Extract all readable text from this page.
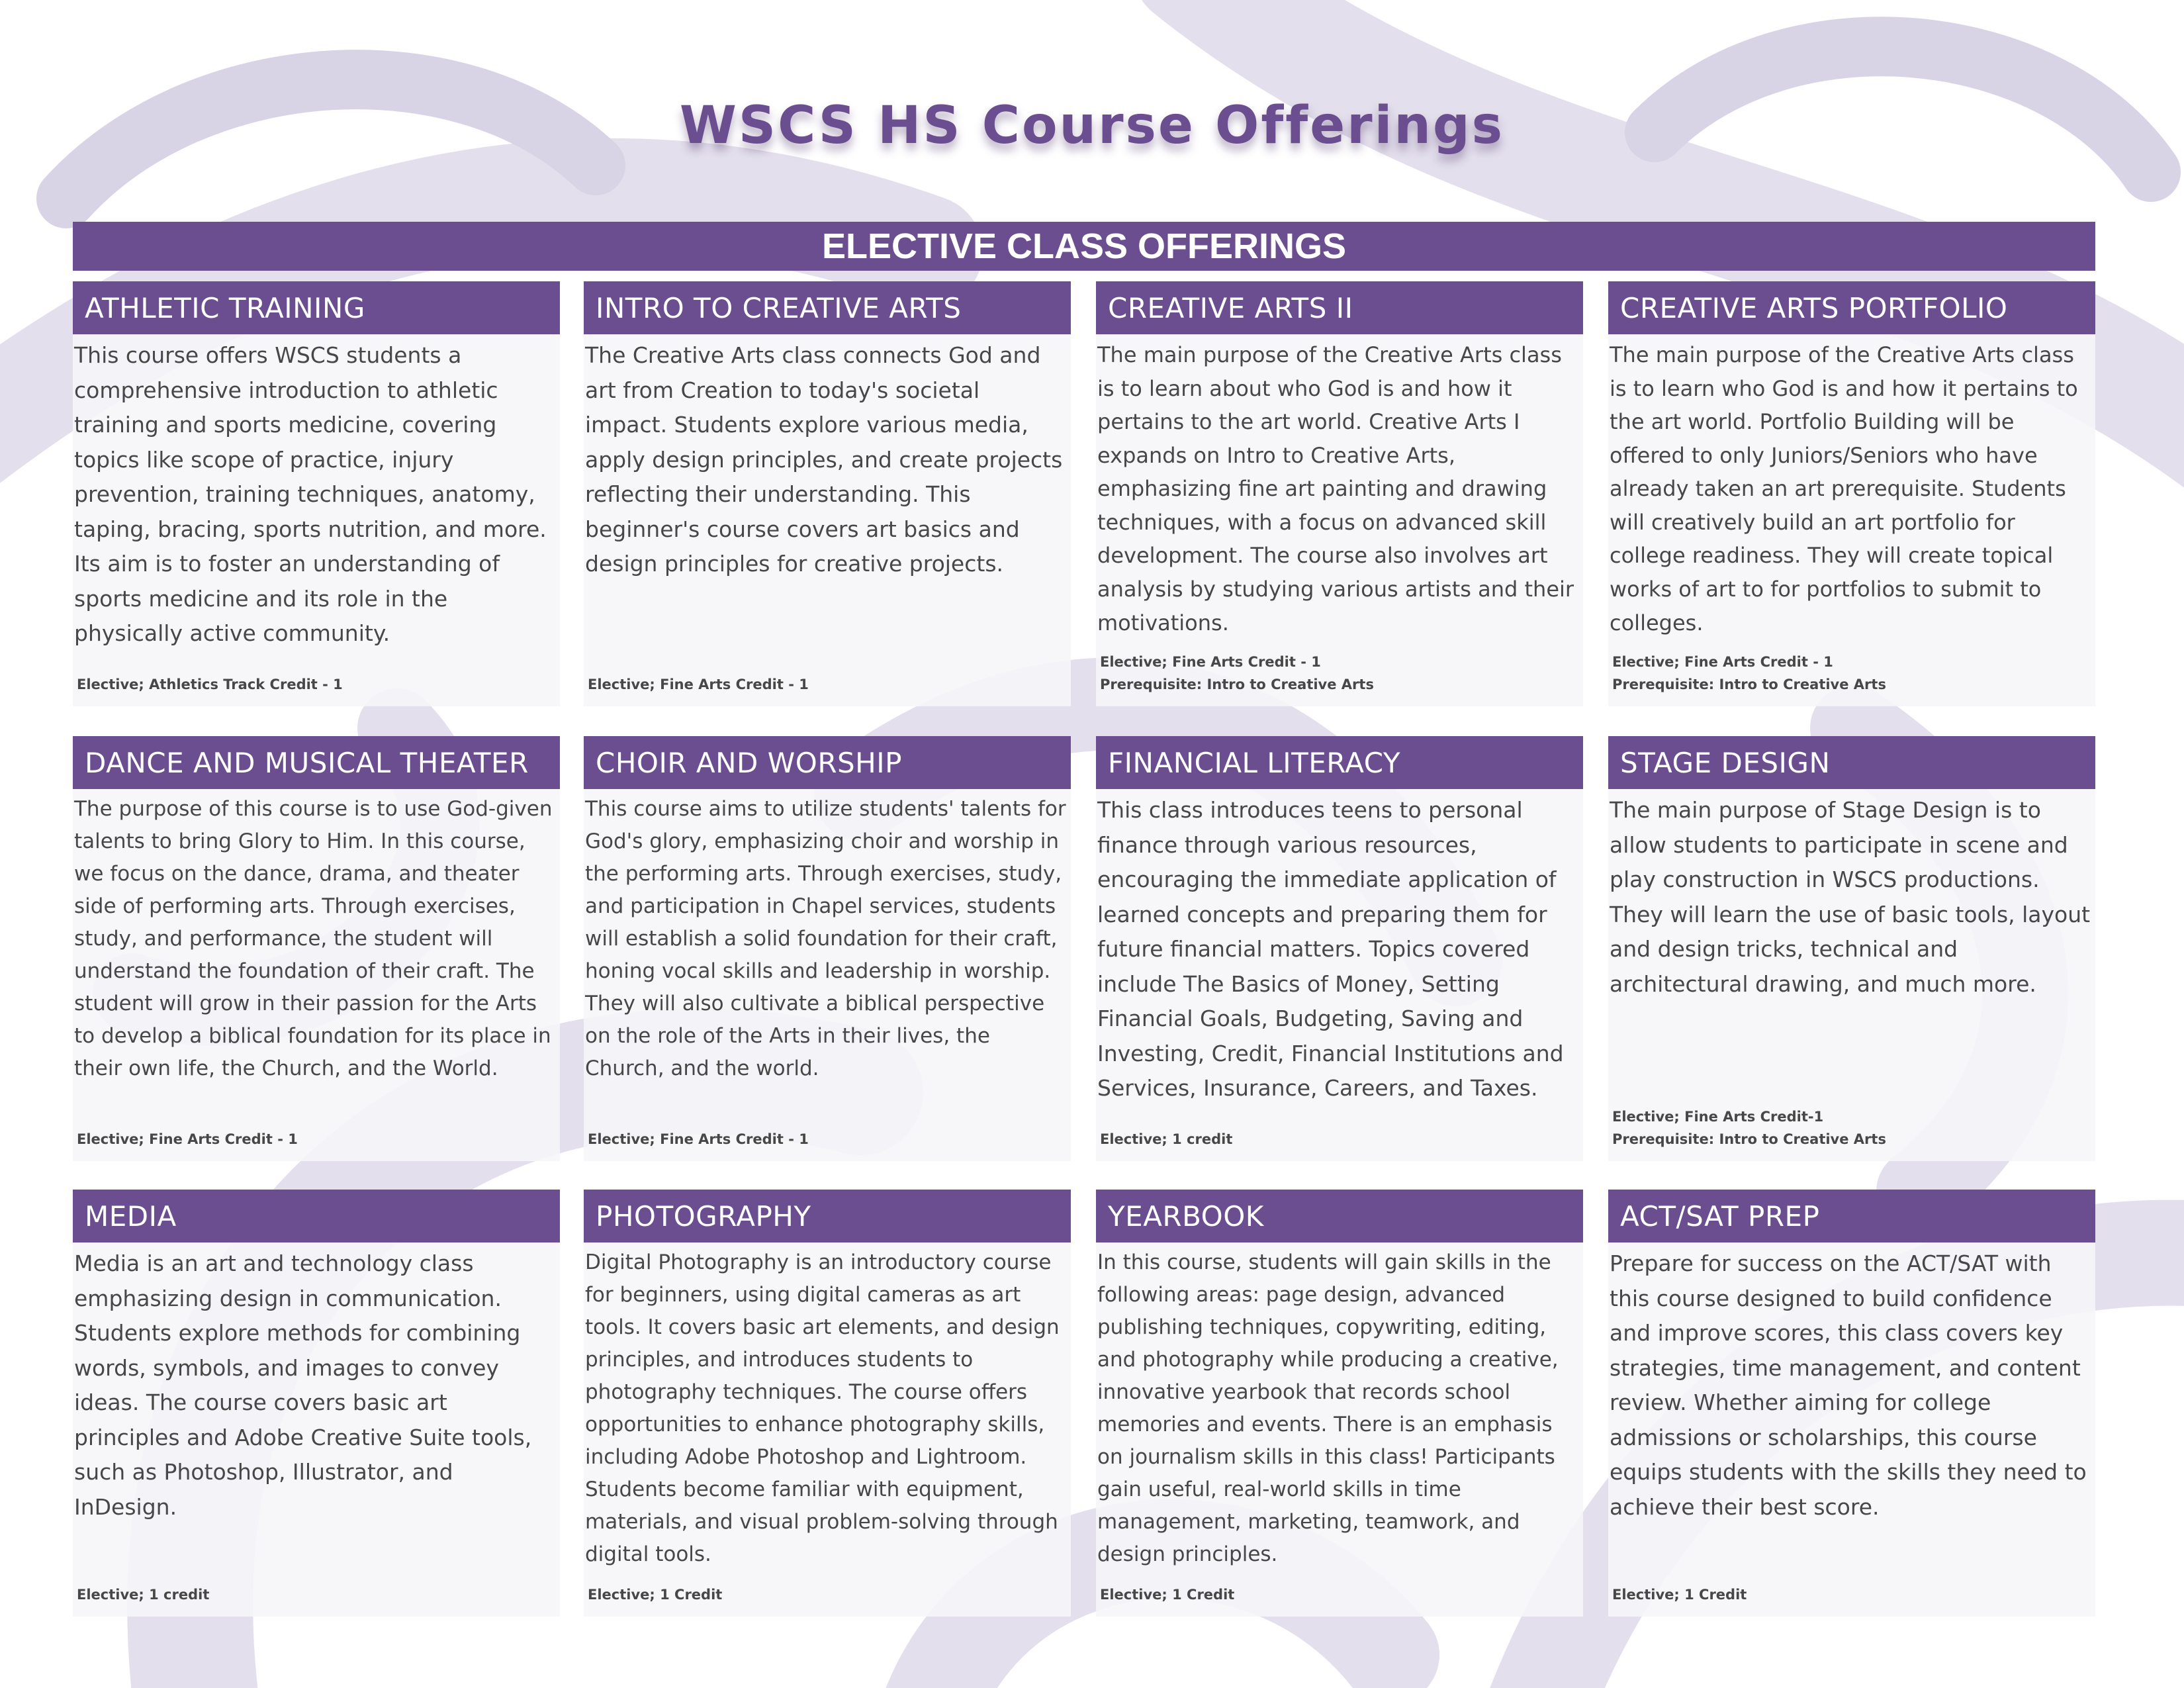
WSCS HS Course Offerings
ELECTIVE CLASS OFFERINGS
ATHLETIC TRAINING
This course offers WSCS students a comprehensive introduction to athletic training and sports medicine, covering topics like scope of practice, injury prevention, training techniques, anatomy, taping, bracing, sports nutrition, and more. Its aim is to foster an understanding of sports medicine and its role in the physically active community.
Elective; Athletics Track Credit - 1
INTRO TO CREATIVE ARTS
The Creative Arts class connects God and art from Creation to today's societal impact. Students explore various media, apply design principles, and create projects reflecting their understanding. This beginner's course covers art basics and design principles for creative projects.
Elective; Fine Arts Credit - 1
CREATIVE ARTS II
The main purpose of the Creative Arts class is to learn about who God is and how it pertains to the art world. Creative Arts I expands on Intro to Creative Arts, emphasizing fine art painting and drawing techniques, with a focus on advanced skill development. The course also involves art analysis by studying various artists and their motivations.
Elective; Fine Arts Credit - 1
Prerequisite: Intro to Creative Arts
CREATIVE ARTS PORTFOLIO
The main purpose of the Creative Arts class is to learn who God is and how it pertains to the art world. Portfolio Building will be offered to only Juniors/Seniors who have already taken an art prerequisite. Students will creatively build an art portfolio for college readiness. They will create topical works of art to for portfolios to submit to colleges.
Elective; Fine Arts Credit - 1
Prerequisite: Intro to Creative Arts
DANCE AND MUSICAL THEATER
The purpose of this course is to use God-given talents to bring Glory to Him. In this course, we focus on the dance, drama, and theater side of performing arts. Through exercises, study, and performance, the student will understand the foundation of their craft. The student will grow in their passion for the Arts to develop a biblical foundation for its place in their own life, the Church, and the World.
Elective; Fine Arts Credit - 1
CHOIR AND WORSHIP
This course aims to utilize students' talents for God's glory, emphasizing choir and worship in the performing arts. Through exercises, study, and participation in Chapel services, students will establish a solid foundation for their craft, honing vocal skills and leadership in worship. They will also cultivate a biblical perspective on the role of the Arts in their lives, the Church, and the world.
Elective; Fine Arts Credit - 1
FINANCIAL LITERACY
This class introduces teens to personal finance through various resources, encouraging the immediate application of learned concepts and preparing them for future financial matters. Topics covered include The Basics of Money, Setting Financial Goals, Budgeting, Saving and Investing, Credit, Financial Institutions and Services, Insurance, Careers, and Taxes.
Elective; 1 credit
STAGE DESIGN
The main purpose of Stage Design is to allow students to participate in scene and play construction in WSCS productions. They will learn the use of basic tools, layout and design tricks, technical and architectural drawing, and much more.
Elective; Fine Arts Credit-1
Prerequisite: Intro to Creative Arts
MEDIA
Media is an art and technology class emphasizing design in communication. Students explore methods for combining words, symbols, and images to convey ideas. The course covers basic art principles and Adobe Creative Suite tools, such as Photoshop, Illustrator, and InDesign.
Elective; 1 credit
PHOTOGRAPHY
Digital Photography is an introductory course for beginners, using digital cameras as art tools. It covers basic art elements, and design principles, and introduces students to photography techniques. The course offers opportunities to enhance photography skills, including Adobe Photoshop and Lightroom. Students become familiar with equipment, materials, and visual problem-solving through digital tools.
Elective; 1 Credit
YEARBOOK
In this course, students will gain skills in the following areas: page design, advanced publishing techniques, copywriting, editing, and photography while producing a creative, innovative yearbook that records school memories and events. There is an emphasis on journalism skills in this class! Participants gain useful, real-world skills in time management, marketing, teamwork, and design principles.
Elective; 1 Credit
ACT/SAT PREP
Prepare for success on the ACT/SAT with this course designed to build confidence and improve scores, this class covers key strategies, time management, and content review. Whether aiming for college admissions or scholarships, this course equips students with the skills they need to achieve their best score.
Elective; 1 Credit
